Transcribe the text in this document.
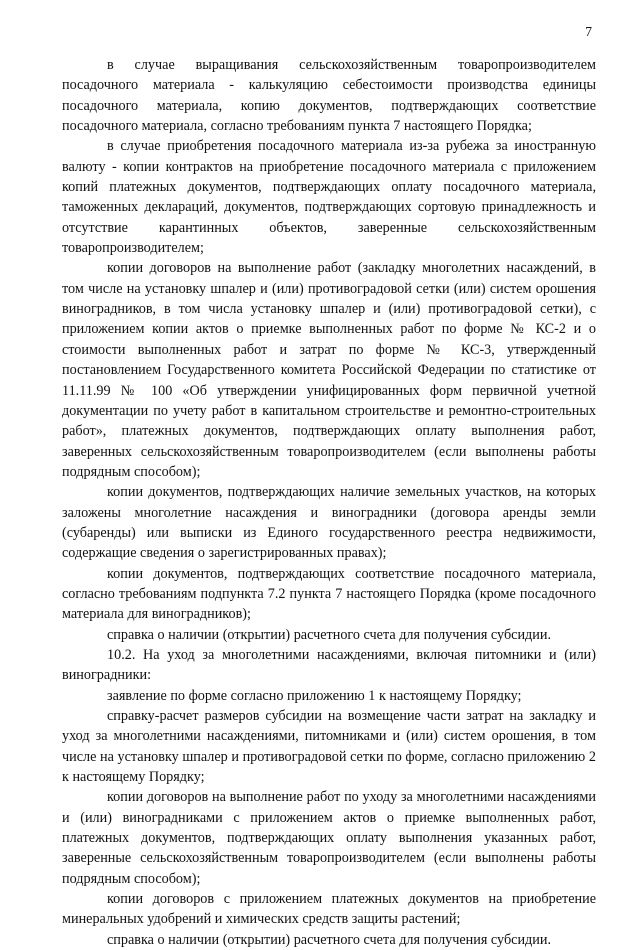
7

в случае выращивания сельскохозяйственным товаропроизводителем посадочного материала - калькуляцию себестоимости производства единицы посадочного материала, копию документов, подтверждающих соответствие посадочного материала, согласно требованиям пункта 7 настоящего Порядка;

в случае приобретения посадочного материала из-за рубежа за иностранную валюту - копии контрактов на приобретение посадочного материала с приложением копий платежных документов, подтверждающих оплату посадочного материала, таможенных деклараций, документов, подтверждающих сортовую принадлежность и отсутствие карантинных объектов, заверенные сельскохозяйственным товаропроизводителем;

копии договоров на выполнение работ (закладку многолетних насаждений, в том числе на установку шпалер и (или) противоградовой сетки (или) систем орошения виноградников, в том числа установку шпалер и (или) противоградовой сетки), с приложением копии актов о приемке выполненных работ по форме № КС-2 и о стоимости выполненных работ и затрат по форме № КС-3, утвержденный постановлением Государственного комитета Российской Федерации по статистике от 11.11.99 № 100 «Об утверждении унифицированных форм первичной учетной документации по учету работ в капитальном строительстве и ремонтно-строительных работ», платежных документов, подтверждающих оплату выполнения работ, заверенных сельскохозяйственным товаропроизводителем (если выполнены работы подрядным способом);

копии документов, подтверждающих наличие земельных участков, на которых заложены многолетние насаждения и виноградники (договора аренды земли (субаренды) или выписки из Единого государственного реестра недвижимости, содержащие сведения о зарегистрированных правах);

копии документов, подтверждающих соответствие посадочного материала, согласно требованиям подпункта 7.2 пункта 7 настоящего Порядка (кроме посадочного материала для виноградников);

справка о наличии (открытии) расчетного счета для получения субсидии.

10.2. На уход за многолетними насаждениями, включая питомники и (или) виноградники:

заявление по форме согласно приложению 1 к настоящему Порядку;

справку-расчет размеров субсидии на возмещение части затрат на закладку и уход за многолетними насаждениями, питомниками и (или) систем орошения, в том числе на установку шпалер и противоградовой сетки по форме, согласно приложению 2 к настоящему Порядку;

копии договоров на выполнение работ по уходу за многолетними насаждениями и (или) виноградниками с приложением актов о приемке выполненных работ, платежных документов, подтверждающих оплату выполнения указанных работ, заверенные сельскохозяйственным товаропроизводителем (если выполнены работы подрядным способом);

копии договоров с приложением платежных документов на приобретение минеральных удобрений и химических средств защиты растений;

справка о наличии (открытии) расчетного счета для получения субсидии.
